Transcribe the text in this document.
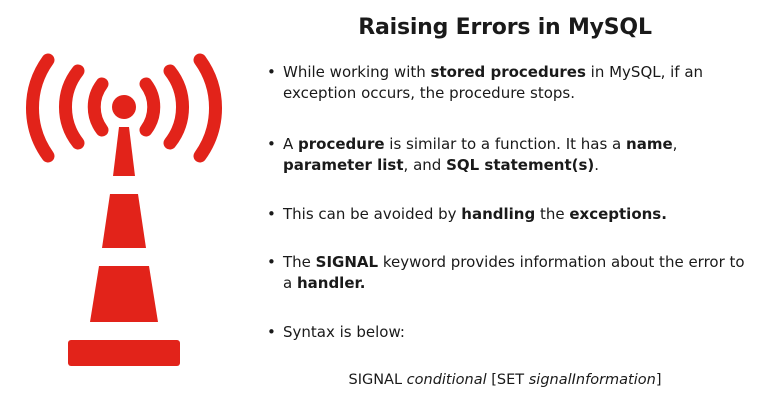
Raising Errors in MySQL
• While working with stored procedures in MySQL, if an exception occurs, the procedure stops.
• A procedure is similar to a function. It has a name, parameter list, and SQL statement(s).
• This can be avoided by handling the exceptions.
• The SIGNAL keyword provides information about the error to a handler.
• Syntax is below:
SIGNAL conditional [SET signalInformation]
